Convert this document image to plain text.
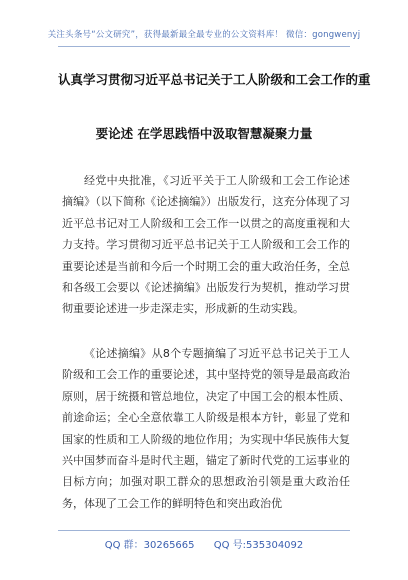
关注头条号“公文研究”，获得最新最全最专业的公文资料库！ 微信：gongwenyj
认真学习贯彻习近平总书记关于工人阶级和工会工作的重
要论述 在学思践悟中汲取智慧凝聚力量

经党中央批准，《习近平关于工人阶级和工会工作论述摘编》（以下简称《论述摘编》）出版发行，这充分体现了习近平总书记对工人阶级和工会工作一以贯之的高度重视和大力支持。学习贯彻习近平总书记关于工人阶级和工会工作的重要论述是当前和今后一个时期工会的重大政治任务，全总和各级工会要以《论述摘编》出版发行为契机，推动学习贯彻重要论述进一步走深走实，形成新的生动实践。

《论述摘编》从8个专题摘编了习近平总书记关于工人阶级和工会工作的重要论述，其中坚持党的领导是最高政治原则，居于统摄和管总地位，决定了中国工会的根本性质、前途命运；全心全意依靠工人阶级是根本方针，彰显了党和国家的性质和工人阶级的地位作用；为实现中华民族伟大复兴中国梦而奋斗是时代主题，锚定了新时代党的工运事业的目标方向；加强对职工群众的思想政治引领是重大政治任务，体现了工会工作的鲜明特色和突出政治优

QQ 群：30265665 QQ 号:535304092
